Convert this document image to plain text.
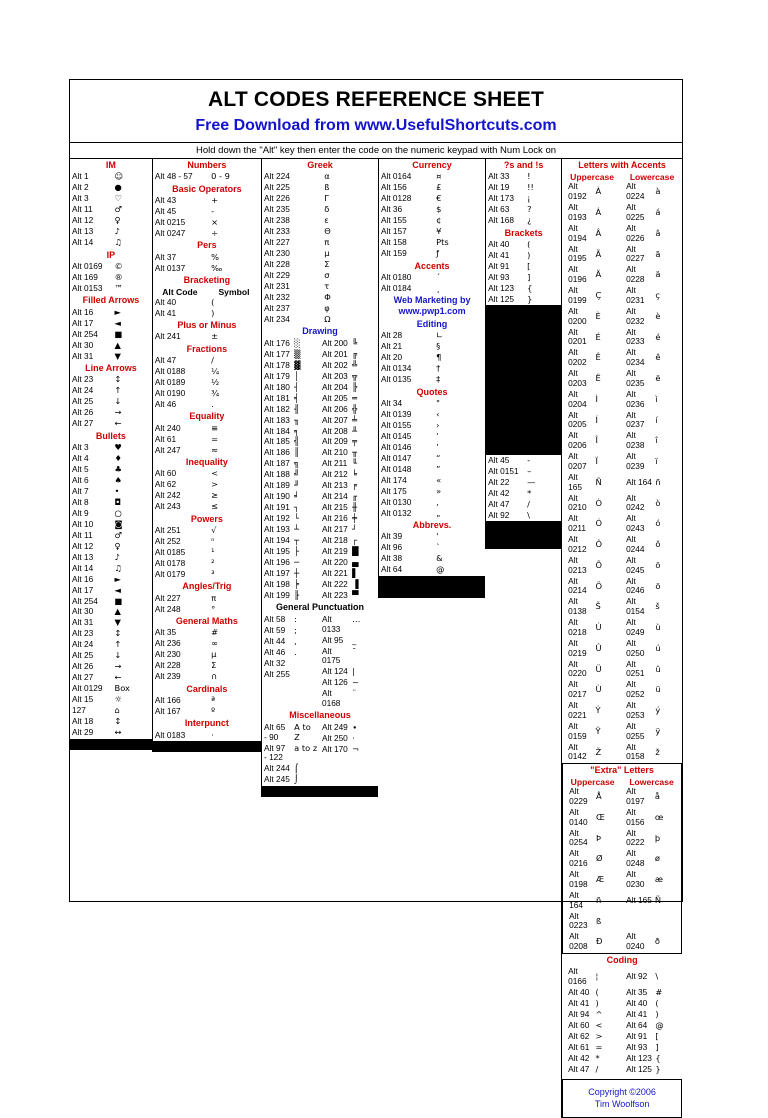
ALT CODES REFERENCE SHEET
Free Download from www.UsefulShortcuts.com
Hold down the "Alt" key then enter the code on the numeric keypad with Num Lock on
IM
Alt 1	☺
Alt 2	●
Alt 3	♡
Alt 11	♂
Alt 12	♀
Alt 13	♪
Alt 14	♫
IP
Alt 0169	©
Alt 169	®
Alt 0153	™
Filled Arrows
Alt 16	►
Alt 17	◄
Alt 254	■
Alt 30	▲
Alt 31	▼
Line Arrows
Alt 23	↕
Alt 24	↑
Alt 25	↓
Alt 26	→
Alt 27	←
Bullets
Alt 3	♥
Alt 4	♦
Alt 5	♣
Alt 6	♠
Alt 7	•
Alt 8	◘
Alt 9	○
Alt 10	◙
Alt 11	♂
Alt 12	♀
Alt 13	♪
Alt 14	♫
Alt 16	►
Alt 17	◄
Alt 254	■
Alt 30	▲
Alt 31	▼
Alt 23	↕
Alt 24	↑
Alt 25	↓
Alt 26	→
Alt 27	←
Alt 0129	Box
Alt 15	☼
127	⌂
Alt 18	↕
Alt 29	↔
Numbers
Alt 48 - 57	0 - 9
Basic Operators
Alt 43	+
Alt 45	-
Alt 0215	×
Alt 0247	÷
Pers
Alt 37	%
Alt 0137	‰
Bracketing
Alt Code	Symbol
Alt 40	(
Alt 41	)
Plus or Minus
Alt 241	±
Fractions
Alt 47	/
Alt 0188	¼
Alt 0189	½
Alt 0190	¾
Alt 46	.
Equality
Alt 240	≡
Alt 61	=
Alt 247	≈
Inequality
Alt 60	<
Alt 62	>
Alt 242	≥
Alt 243	≤
Powers
Alt 251	√
Alt 252	ⁿ
Alt 0185	¹
Alt 0178	²
Alt 0179	³
Angles/Trig
Alt 227	π
Alt 248	°
General Maths
Alt 35	#
Alt 236	∞
Alt 230	µ
Alt 228	Σ
Alt 239	∩
Cardinals
Alt 166	ª
Alt 167	º
Interpunct
Alt 0183	·
Greek
Alt 224	α
Alt 225	ß
Alt 226	Γ
Alt 235	δ
Alt 238	ε
Alt 233	Θ
Alt 227	π
Alt 230	µ
Alt 228	Σ
Alt 229	σ
Alt 231	τ
Alt 232	Φ
Alt 237	φ
Alt 234	Ω
Drawing
Alt 176	░
Alt 177	▒
Alt 178	▓
Alt 179	│
Alt 180	┤
Alt 181	╡
Alt 182	╢
Alt 183	╖
Alt 184	╕
Alt 185	╣
Alt 186	║
Alt 187	╗
Alt 188	╝
Alt 189	╜
Alt 190	╛
Alt 191	┐
Alt 192	└
Alt 193	┴
Alt 194	┬
Alt 195	├
Alt 196	─
Alt 197	┼
Alt 198	╞
Alt 199	╟
Alt 200	╚
Alt 201	╔
Alt 202	╩
Alt 203	╦
Alt 204	╠
Alt 205	═
Alt 206	╬
Alt 207	╧
Alt 208	╨
Alt 209	╤
Alt 210	╥
Alt 211	╙
Alt 212	╘
Alt 213	╒
Alt 214	╓
Alt 215	╫
Alt 216	╪
Alt 217	┘
Alt 218	┌
Alt 219	█
Alt 220	▄
Alt 221	▌
Alt 222	▐
Alt 223	▀
General Punctuation
Alt 58	:
Alt 59	;
Alt 44	,
Alt 46	.
Alt 32	
Alt 255	
Alt 0133	…
Alt 95	_
Alt 0175	¯
Alt 124	|
Alt 126	~
Alt 0168	¨
Miscellaneous
Alt 65 - 90	A to Z
Alt 97 - 122	a to z
Alt 244	⌠
Alt 245	⌡
Alt 249	∙
Alt 250	·
Alt 170	¬
Currency
Alt 0164	¤
Alt 156	£
Alt 0128	€
Alt 36	$
Alt 155	¢
Alt 157	¥
Alt 158	Pts
Alt 159	ƒ
Accents
Alt 0180	´
Alt 0184	¸
Web Marketing by www.pwp1.com
Editing
Alt 28	∟
Alt 21	§
Alt 20	¶
Alt 0134	†
Alt 0135	‡
Quotes
Alt 34	"
Alt 0139	‹
Alt 0155	›
Alt 0145	‘
Alt 0146	’
Alt 0147	“
Alt 0148	”
Alt 174	«
Alt 175	»
Alt 0130	‚
Alt 0132	„
Abbrevs.
Alt 39	'
Alt 96	`
Alt 38	&
Alt 64	@
?s and !s
Alt 33	!
Alt 19	!!
Alt 173	¡
Alt 63	?
Alt 168	¿
Brackets
Alt 40	(
Alt 41	)
Alt 91	[
Alt 93	]
Alt 123	{
Alt 125	}
Alt 45	-
Alt 0151	–
Alt 22	—
Alt 42	*
Alt 47	/
Alt 92	\
Letters with Accents
Uppercase	Lowercase
Alt 0192	À	Alt 0224	à
Alt 0193	Á	Alt 0225	á
Alt 0194	Â	Alt 0226	â
Alt 0195	Ã	Alt 0227	ã
Alt 0196	Ä	Alt 0228	ä
Alt 0199	Ç	Alt 0231	ç
Alt 0200	È	Alt 0232	è
Alt 0201	É	Alt 0233	é
Alt 0202	Ê	Alt 0234	ê
Alt 0203	Ë	Alt 0235	ë
Alt 0204	Ì	Alt 0236	ì
Alt 0205	Í	Alt 0237	í
Alt 0206	Î	Alt 0238	î
Alt 0207	Ï	Alt 0239	ï
Alt 165	Ñ	Alt 164	ñ
Alt 0210	Ò	Alt 0242	ò
Alt 0211	Ó	Alt 0243	ó
Alt 0212	Ô	Alt 0244	ô
Alt 0213	Õ	Alt 0245	õ
Alt 0214	Ö	Alt 0246	ö
Alt 0138	Š	Alt 0154	š
Alt 0218	Ú	Alt 0249	ù
Alt 0219	Û	Alt 0250	ú
Alt 0220	Ü	Alt 0251	û
Alt 0217	Ù	Alt 0252	ü
Alt 0221	Ý	Alt 0253	ý
Alt 0159	Ÿ	Alt 0255	ÿ
Alt 0142	Ž	Alt 0158	ž
"Extra" Letters
Uppercase	Lowercase
Alt 0229	Å	Alt 0197	å
Alt 0140	Œ	Alt 0156	œ
Alt 0254	Þ	Alt 0222	þ
Alt 0216	Ø	Alt 0248	ø
Alt 0198	Æ	Alt 0230	æ
Alt 164	ñ	Alt 165	Ñ
Alt 0223	ß		
Alt 0208	Ð	Alt 0240	ð
Coding
Alt 0166	¦	Alt 92	\
Alt 40	(	Alt 35	#
Alt 41	)	Alt 40	(
Alt 94	^	Alt 41	)
Alt 60	<	Alt 64	@
Alt 62	>	Alt 91	[
Alt 61	=	Alt 93	]
Alt 42	*	Alt 123	{
Alt 47	/	Alt 125	}
Copyright ©2006
Tim Woolfson
